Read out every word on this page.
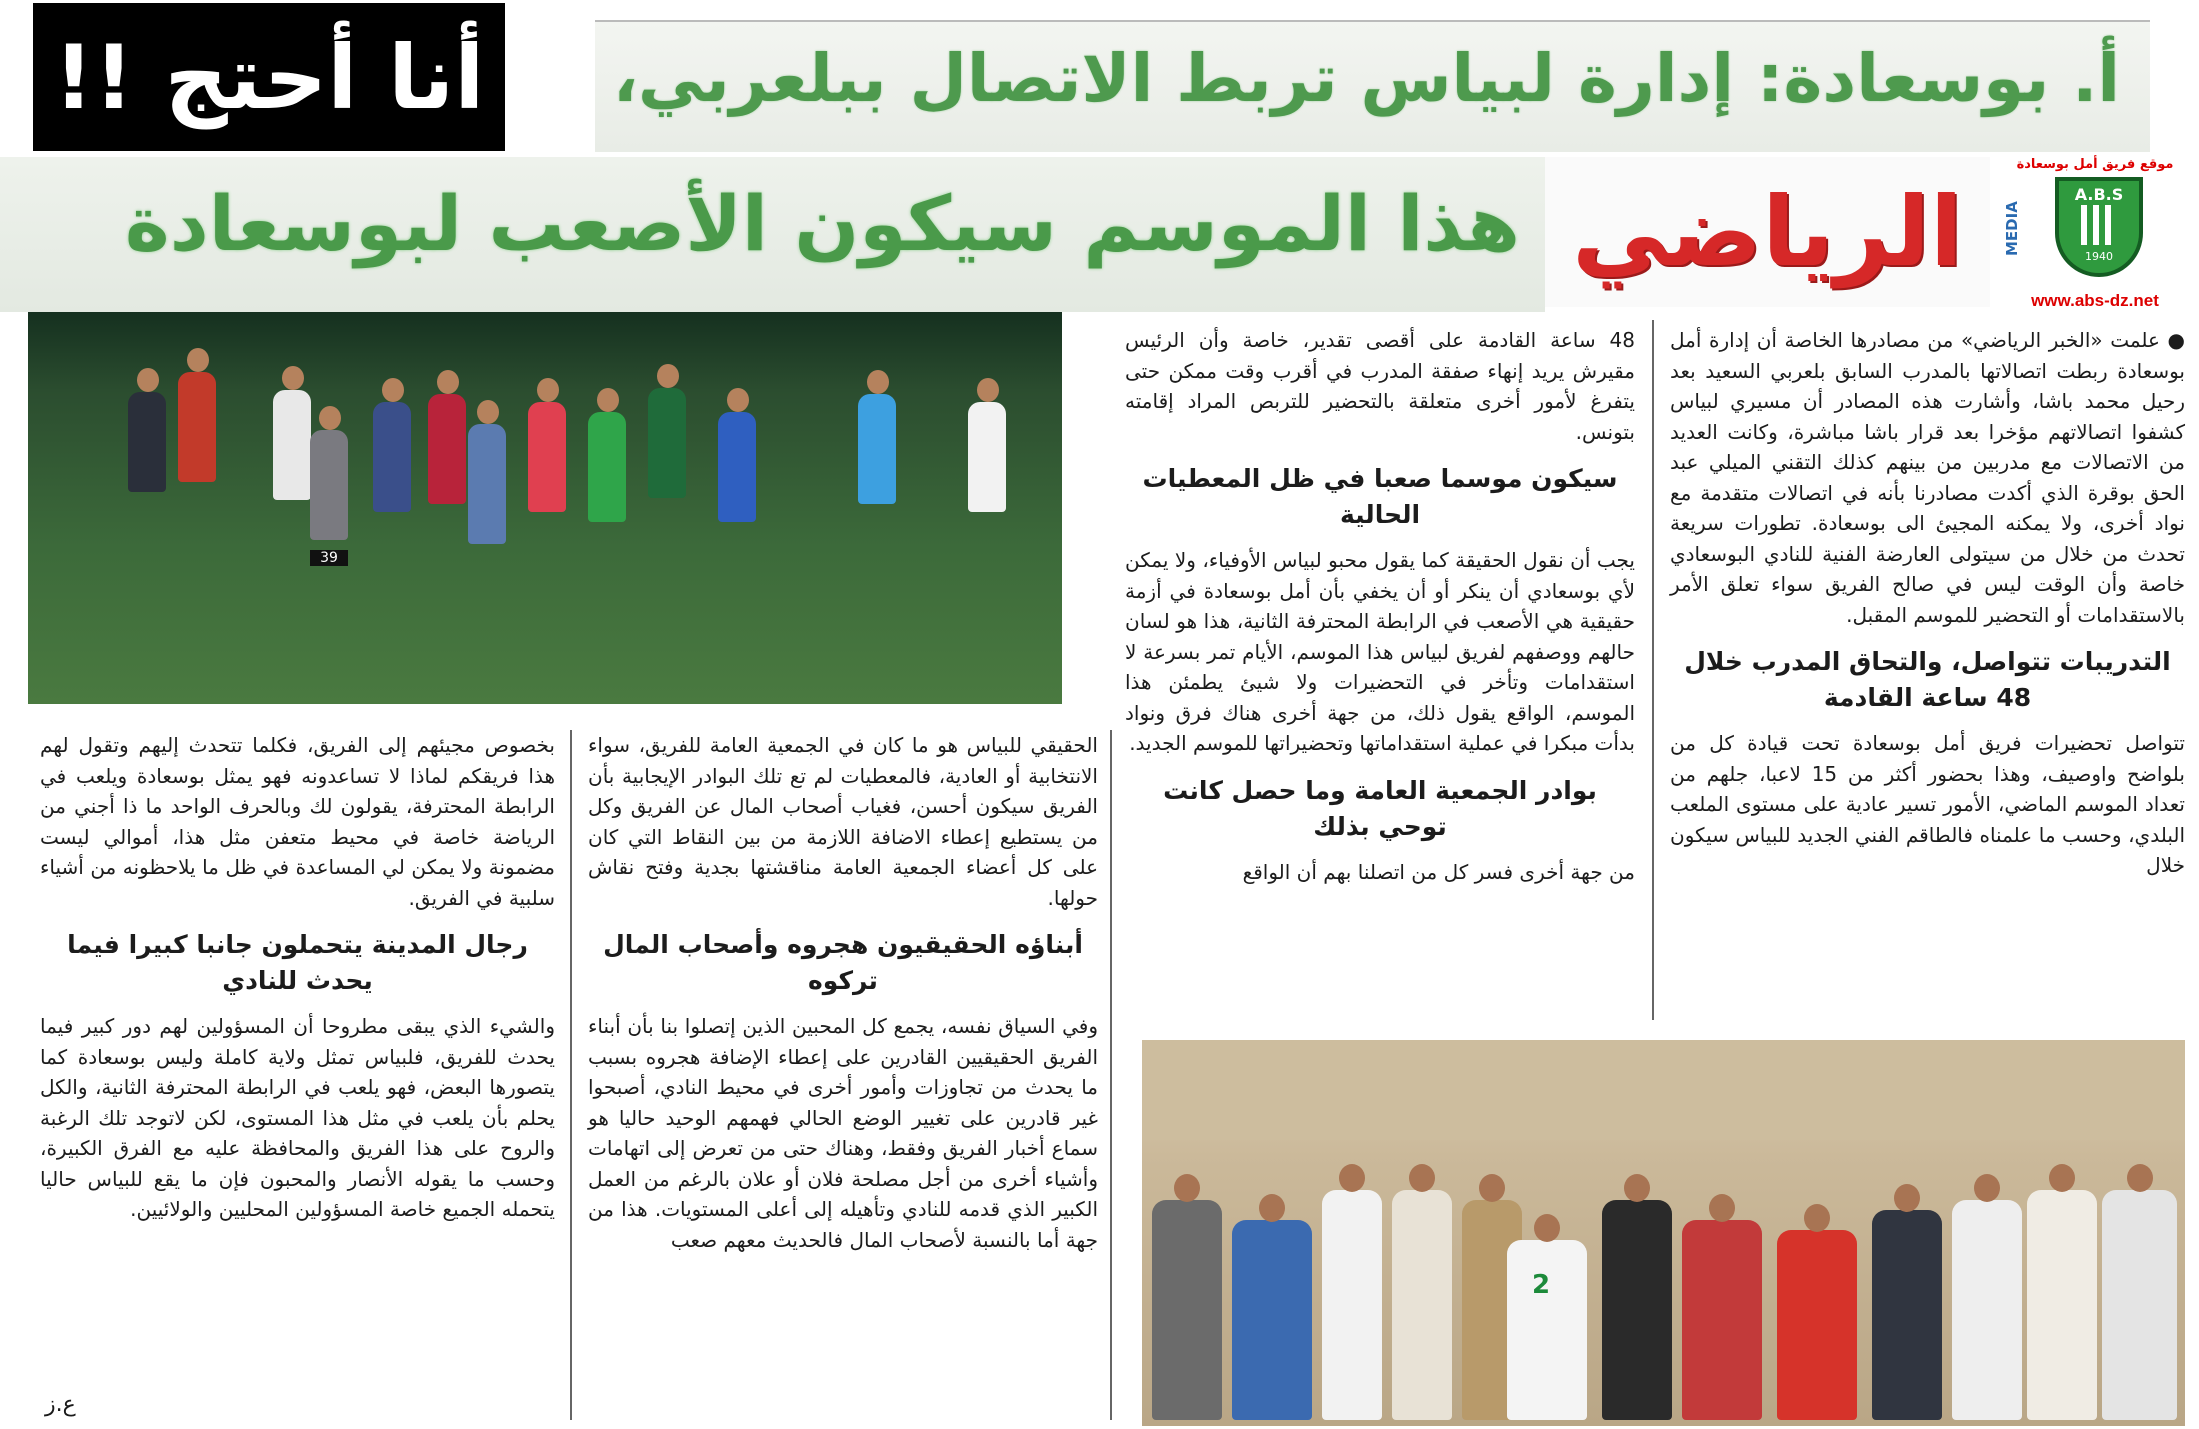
أنا أحتج !! أ. بوسعادة: إدارة لبياس تربط الاتصال ببلعربي،
هذا الموسم سيكون الأصعب لبوسعادة الرياضي
موقع فريق أمل بوسعادة
MEDIA
A.B.S
1940
www.abs-dz.net
39
2

● علمت «الخبر الرياضي» من مصادرها الخاصة أن إدارة أمل بوسعادة ربطت اتصالاتها بالمدرب السابق بلعربي السعيد بعد رحيل محمد باشا، وأشارت هذه المصادر أن مسيري لبياس كشفوا اتصالاتهم مؤخرا بعد قرار باشا مباشرة، وكانت العديد من الاتصالات مع مدربين من بينهم كذلك التقني الميلي عبد الحق بوقرة الذي أكدت مصادرنا بأنه في اتصالات متقدمة مع نواد أخرى، ولا يمكنه المجيئ الى بوسعادة. تطورات سريعة تحدث من خلال من سيتولى العارضة الفنية للنادي البوسعادي خاصة وأن الوقت ليس في صالح الفريق سواء تعلق الأمر بالاستقدامات أو التحضير للموسم المقبل.

التدريبات تتواصل، والتحاق المدرب خلال 48 ساعة القادمة

تتواصل تحضيرات فريق أمل بوسعادة تحت قيادة كل من بلواضح واوصيف، وهذا بحضور أكثر من 15 لاعبا، جلهم من تعداد الموسم الماضي، الأمور تسير عادية على مستوى الملعب البلدي، وحسب ما علمناه فالطاقم الفني الجديد للبياس سيكون خلال

48 ساعة القادمة على أقصى تقدير، خاصة وأن الرئيس مقيرش يريد إنهاء صفقة المدرب في أقرب وقت ممكن حتى يتفرغ لأمور أخرى متعلقة بالتحضير للتربص المراد إقامته بتونس.

سيكون موسما صعبا في ظل المعطيات الحالية

يجب أن نقول الحقيقة كما يقول محبو لبياس الأوفياء، ولا يمكن لأي بوسعادي أن ينكر أو أن يخفي بأن أمل بوسعادة في أزمة حقيقية هي الأصعب في الرابطة المحترفة الثانية، هذا هو لسان حالهم ووصفهم لفريق لبياس هذا الموسم، الأيام تمر بسرعة لا استقدامات وتأخر في التحضيرات ولا شيئ يطمئن هذا الموسم، الواقع يقول ذلك، من جهة أخرى هناك فرق ونواد بدأت مبكرا في عملية استقداماتها وتحضيراتها للموسم الجديد.

بوادر الجمعية العامة وما حصل كانت توحي بذلك

من جهة أخرى فسر كل من اتصلنا بهم أن الواقع

الحقيقي للبياس هو ما كان في الجمعية العامة للفريق، سواء الانتخابية أو العادية، فالمعطيات لم تع تلك البوادر الإيجابية بأن الفريق سيكون أحسن، فغياب أصحاب المال عن الفريق وكل من يستطيع إعطاء الاضافة اللازمة من بين النقاط التي كان على كل أعضاء الجمعية العامة مناقشتها بجدية وفتح نقاش حولها.

أبناؤه الحقيقيون هجروه وأصحاب المال تركوه

وفي السياق نفسه، يجمع كل المحبين الذين إتصلوا بنا بأن أبناء الفريق الحقيقيين القادرين على إعطاء الإضافة هجروه بسبب ما يحدث من تجاوزات وأمور أخرى في محيط النادي، أصبحوا غير قادرين على تغيير الوضع الحالي فهمهم الوحيد حاليا هو سماع أخبار الفريق وفقط، وهناك حتى من تعرض إلى اتهامات وأشياء أخرى من أجل مصلحة فلان أو علان بالرغم من العمل الكبير الذي قدمه للنادي وتأهيله إلى أعلى المستويات. هذا من جهة أما بالنسبة لأصحاب المال فالحديث معهم صعب

بخصوص مجيئهم إلى الفريق، فكلما تتحدث إليهم وتقول لهم هذا فريقكم لماذا لا تساعدونه فهو يمثل بوسعادة ويلعب في الرابطة المحترفة، يقولون لك وبالحرف الواحد ما ذا أجني من الرياضة خاصة في محيط متعفن مثل هذا، أموالي ليست مضمونة ولا يمكن لي المساعدة في ظل ما يلاحظونه من أشياء سلبية في الفريق.

رجال المدينة يتحملون جانبا كبيرا فيما يحدث للنادي

والشيء الذي يبقى مطروحا أن المسؤولين لهم دور كبير فيما يحدث للفريق، فلبياس تمثل ولاية كاملة وليس بوسعادة كما يتصورها البعض، فهو يلعب في الرابطة المحترفة الثانية، والكل يحلم بأن يلعب في مثل هذا المستوى، لكن لاتوجد تلك الرغبة والروح على هذا الفريق والمحافظة عليه مع الفرق الكبيرة، وحسب ما يقوله الأنصار والمحبون فإن ما يقع للبياس حاليا يتحمله الجميع خاصة المسؤولين المحليين والولائيين.

ع.ز
